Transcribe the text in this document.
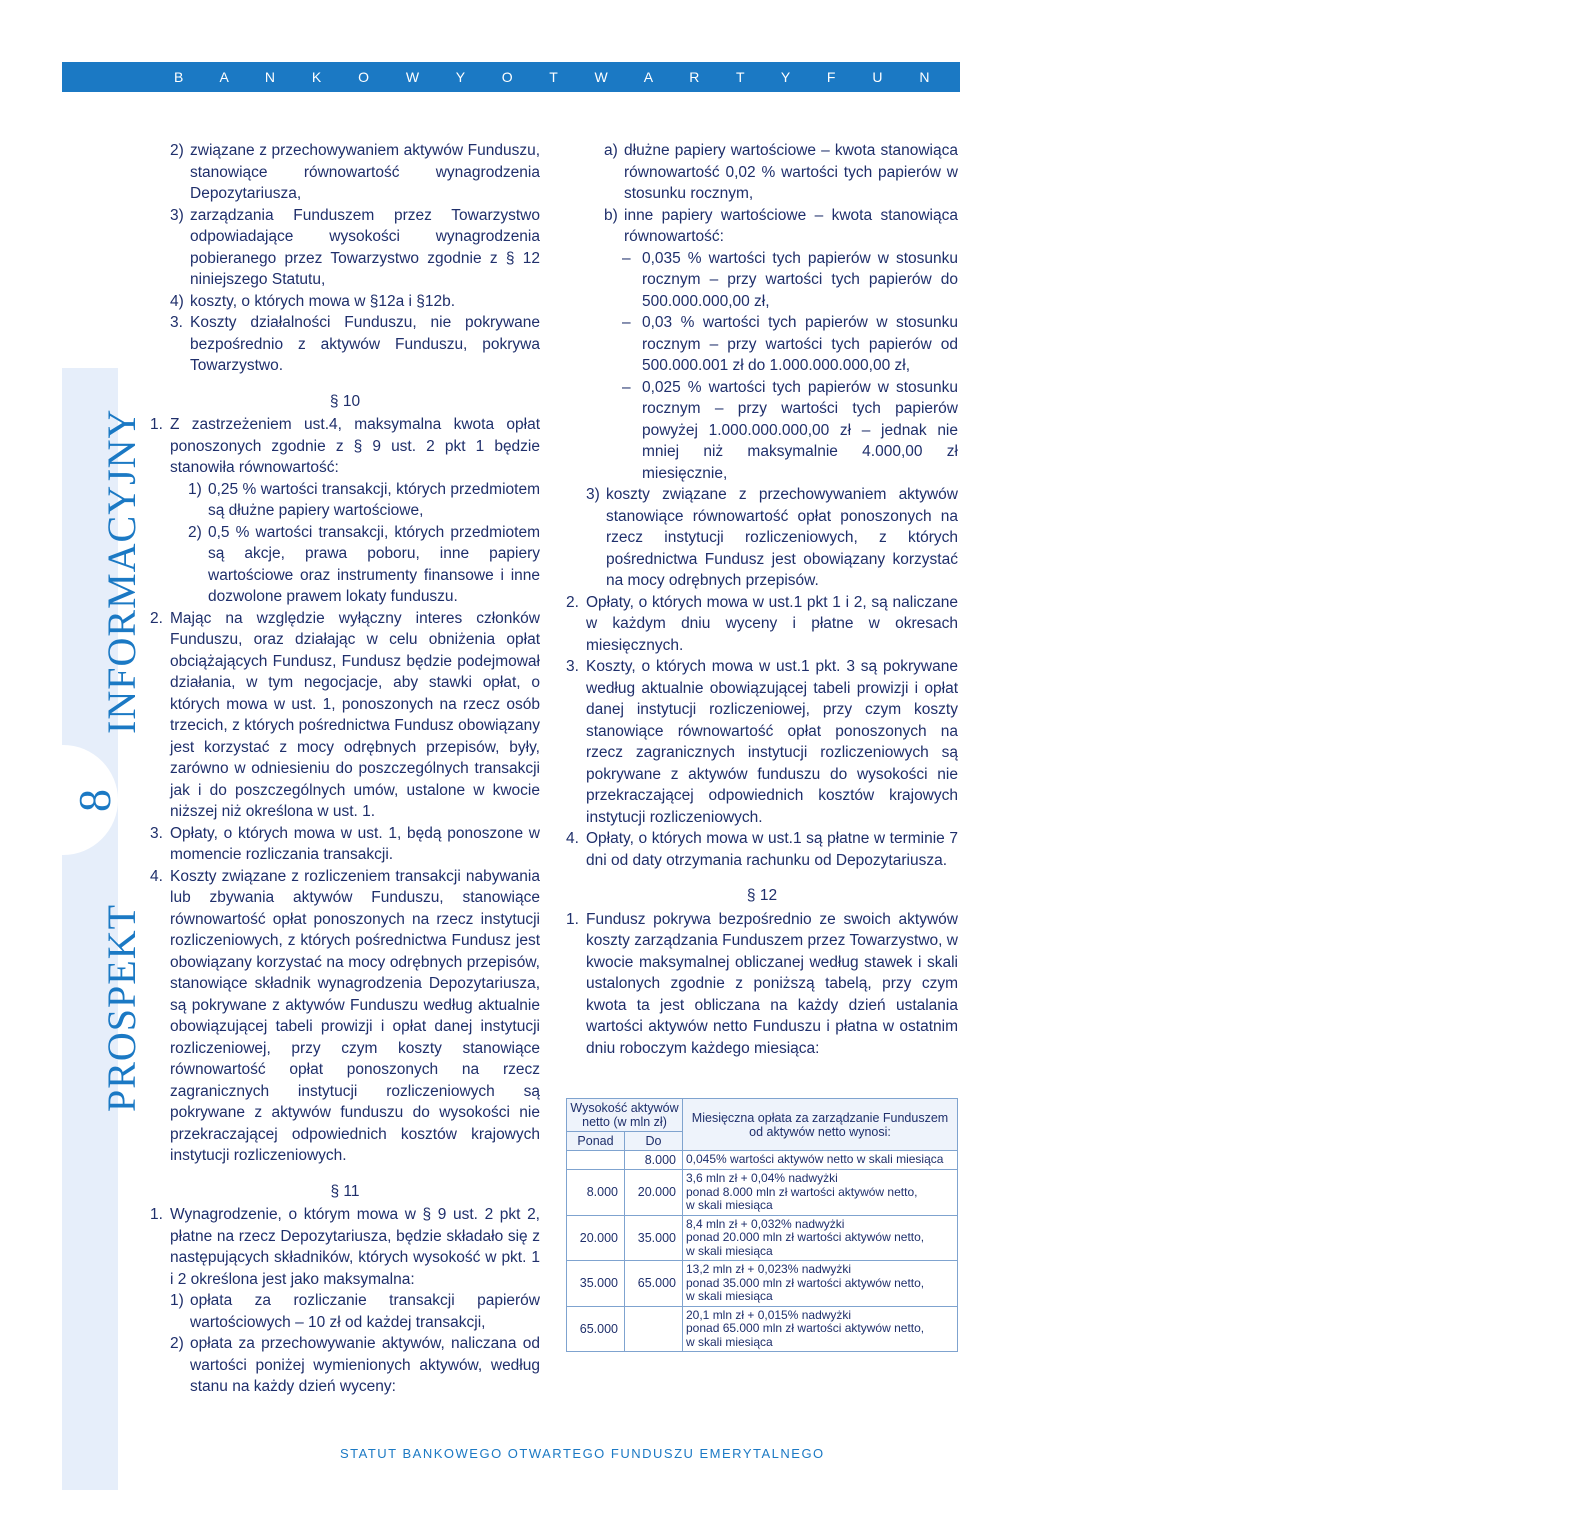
B A N K O W Y O T W A R T Y F U N D U S Z E M E R Y T A L N Y
PROSPEKTINFORMACYJNY
8
2) związane z przechowywaniem aktywów Funduszu, stanowiące równowartość wynagrodzenia Depozytariusza,
3) zarządzania Funduszem przez Towarzystwo odpowiadające wysokości wynagrodzenia pobieranego przez Towarzystwo zgodnie z § 12 niniejszego Statutu,
4) koszty, o których mowa w §12a i §12b.
3. Koszty działalności Funduszu, nie pokrywane bezpośrednio z aktywów Funduszu, pokrywa Towarzystwo.
§ 10
1. Z zastrzeżeniem ust.4, maksymalna kwota opłat ponoszonych zgodnie z § 9 ust. 2 pkt 1 będzie stanowiła równowartość:
1) 0,25 % wartości transakcji, których przedmiotem są dłużne papiery wartościowe,
2) 0,5 % wartości transakcji, których przedmiotem są akcje, prawa poboru, inne papiery wartościowe oraz instrumenty finansowe i inne dozwolone prawem lokaty funduszu.
2. Mając na względzie wyłączny interes członków Funduszu, oraz działając w celu obniżenia opłat obciążających Fundusz, Fundusz będzie podejmował działania, w tym negocjacje, aby stawki opłat, o których mowa w ust. 1, ponoszonych na rzecz osób trzecich, z których pośrednictwa Fundusz obowiązany jest korzystać z mocy odrębnych przepisów, były, zarówno w odniesieniu do poszczególnych transakcji jak i do poszczególnych umów, ustalone w kwocie niższej niż określona w ust. 1.
3. Opłaty, o których mowa w ust. 1, będą ponoszone w momencie rozliczania transakcji.
4. Koszty związane z rozliczeniem transakcji nabywania lub zbywania aktywów Funduszu, stanowiące równowartość opłat ponoszonych na rzecz instytucji rozliczeniowych, z których pośrednictwa Fundusz jest obowiązany korzystać na mocy odrębnych przepisów, stanowiące składnik wynagrodzenia Depozytariusza, są pokrywane z aktywów Funduszu według aktualnie obowiązującej tabeli prowizji i opłat danej instytucji rozliczeniowej, przy czym koszty stanowiące równowartość opłat ponoszonych na rzecz zagranicznych instytucji rozliczeniowych są pokrywane z aktywów funduszu do wysokości nie przekraczającej odpowiednich kosztów krajowych instytucji rozliczeniowych.
§ 11
1. Wynagrodzenie, o którym mowa w § 9 ust. 2 pkt 2, płatne na rzecz Depozytariusza, będzie składało się z następujących składników, których wysokość w pkt. 1 i 2 określona jest jako maksymalna:
1) opłata za rozliczanie transakcji papierów wartościowych – 10 zł od każdej transakcji,
2) opłata za przechowywanie aktywów, naliczana od wartości poniżej wymienionych aktywów, według stanu na każdy dzień wyceny:
a) dłużne papiery wartościowe – kwota stanowiąca równowartość 0,02 % wartości tych papierów w stosunku rocznym,
b) inne papiery wartościowe – kwota stanowiąca równowartość:
– 0,035 % wartości tych papierów w stosunku rocznym – przy wartości tych papierów do 500.000.000,00 zł,
– 0,03 % wartości tych papierów w stosunku rocznym – przy wartości tych papierów od 500.000.001 zł do 1.000.000.000,00 zł,
– 0,025 % wartości tych papierów w stosunku rocznym – przy wartości tych papierów powyżej 1.000.000.000,00 zł – jednak nie mniej niż maksymalnie 4.000,00 zł miesięcznie,
3) koszty związane z przechowywaniem aktywów stanowiące równowartość opłat ponoszonych na rzecz instytucji rozliczeniowych, z których pośrednictwa Fundusz jest obowiązany korzystać na mocy odrębnych przepisów.
2. Opłaty, o których mowa w ust.1 pkt 1 i 2, są naliczane w każdym dniu wyceny i płatne w okresach miesięcznych.
3. Koszty, o których mowa w ust.1 pkt. 3 są pokrywane według aktualnie obowiązującej tabeli prowizji i opłat danej instytucji rozliczeniowej, przy czym koszty stanowiące równowartość opłat ponoszonych na rzecz zagranicznych instytucji rozliczeniowych są pokrywane z aktywów funduszu do wysokości nie przekraczającej odpowiednich kosztów krajowych instytucji rozliczeniowych.
4. Opłaty, o których mowa w ust.1 są płatne w terminie 7 dni od daty otrzymania rachunku od Depozytariusza.
§ 12
1. Fundusz pokrywa bezpośrednio ze swoich aktywów koszty zarządzania Funduszem przez Towarzystwo, w kwocie maksymalnej obliczanej według stawek i skali ustalonych zgodnie z poniższą tabelą, przy czym kwota ta jest obliczana na każdy dzień ustalania wartości aktywów netto Funduszu i płatna w ostatnim dniu roboczym każdego miesiąca:
Wysokość aktywów netto (w mln zł)		Miesięczna opłata za zarządzanie Funduszem od aktywów netto wynosi:
Ponad	Do	
	8.000	0,045% wartości aktywów netto w skali miesiąca

8.000	20.000	3,6 mln zł + 0,04% nadwyżki
ponad 8.000 mln zł wartości aktywów netto,
w skali miesiąca

20.000	35.000	8,4 mln zł + 0,032% nadwyżki
ponad 20.000 mln zł wartości aktywów netto,
w skali miesiąca

35.000	65.000	13,2 mln zł + 0,023% nadwyżki
ponad 35.000 mln zł wartości aktywów netto,
w skali miesiąca

65.000		20,1 mln zł + 0,015% nadwyżki
ponad 65.000 mln zł wartości aktywów netto,
w skali miesiąca
STATUT BANKOWEGO OTWARTEGO FUNDUSZU EMERYTALNEGO
